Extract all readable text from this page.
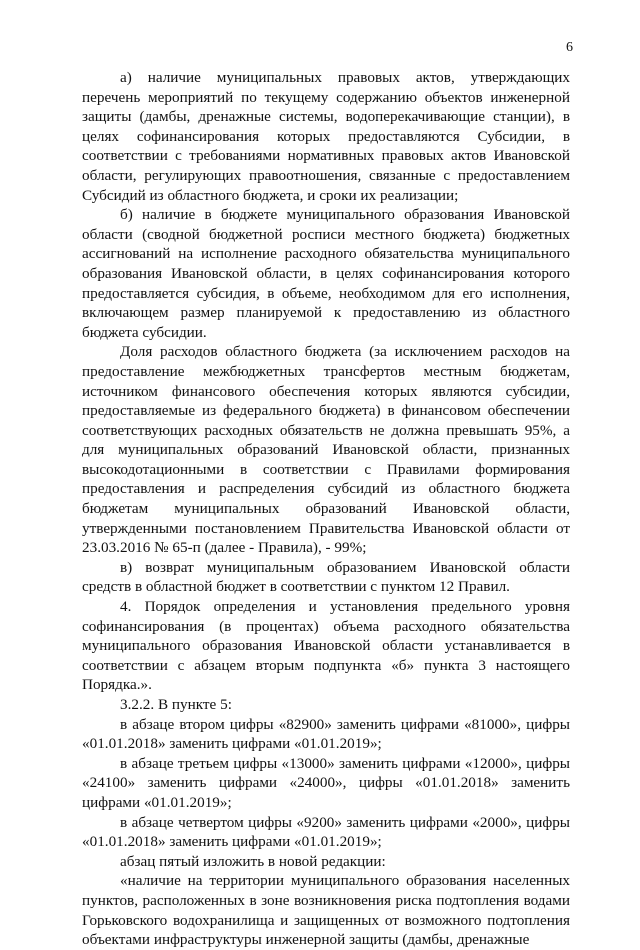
6

а) наличие муниципальных правовых актов, утверждающих перечень мероприятий по текущему содержанию объектов инженерной защиты (дамбы, дренажные системы, водоперекачивающие станции), в целях софинансирования которых предоставляются Субсидии, в соответствии с требованиями нормативных правовых актов Ивановской области, регулирующих правоотношения, связанные с предоставлением Субсидий из областного бюджета, и сроки их реализации;

б) наличие в бюджете муниципального образования Ивановской области (сводной бюджетной росписи местного бюджета) бюджетных ассигнований на исполнение расходного обязательства муниципального образования Ивановской области, в целях софинансирования которого предоставляется субсидия, в объеме, необходимом для его исполнения, включающем размер планируемой к предоставлению из областного бюджета субсидии.

Доля расходов областного бюджета (за исключением расходов на предоставление межбюджетных трансфертов местным бюджетам, источником финансового обеспечения которых являются субсидии, предоставляемые из федерального бюджета) в финансовом обеспечении соответствующих расходных обязательств не должна превышать 95%, а для муниципальных образований Ивановской области, признанных высокодотационными в соответствии с Правилами формирования предоставления и распределения субсидий из областного бюджета бюджетам муниципальных образований Ивановской области, утвержденными постановлением Правительства Ивановской области от 23.03.2016 № 65-п (далее - Правила), - 99%;

в) возврат муниципальным образованием Ивановской области средств в областной бюджет в соответствии с пунктом 12 Правил.

4. Порядок определения и установления предельного уровня софинансирования (в процентах) объема расходного обязательства муниципального образования Ивановской области устанавливается в соответствии с абзацем вторым подпункта «б» пункта 3 настоящего Порядка.».

3.2.2. В пункте 5:

в абзаце втором цифры «82900» заменить цифрами «81000», цифры «01.01.2018» заменить цифрами «01.01.2019»;

в абзаце третьем цифры «13000» заменить цифрами «12000», цифры «24100» заменить цифрами «24000», цифры «01.01.2018» заменить цифрами «01.01.2019»;

в абзаце четвертом цифры «9200» заменить цифрами «2000», цифры «01.01.2018» заменить цифрами «01.01.2019»;

абзац пятый изложить в новой редакции:

«наличие на территории муниципального образования населенных пунктов, расположенных в зоне возникновения риска подтопления водами Горьковского водохранилища и защищенных от возможного подтопления объектами инфраструктуры инженерной защиты (дамбы, дренажные
